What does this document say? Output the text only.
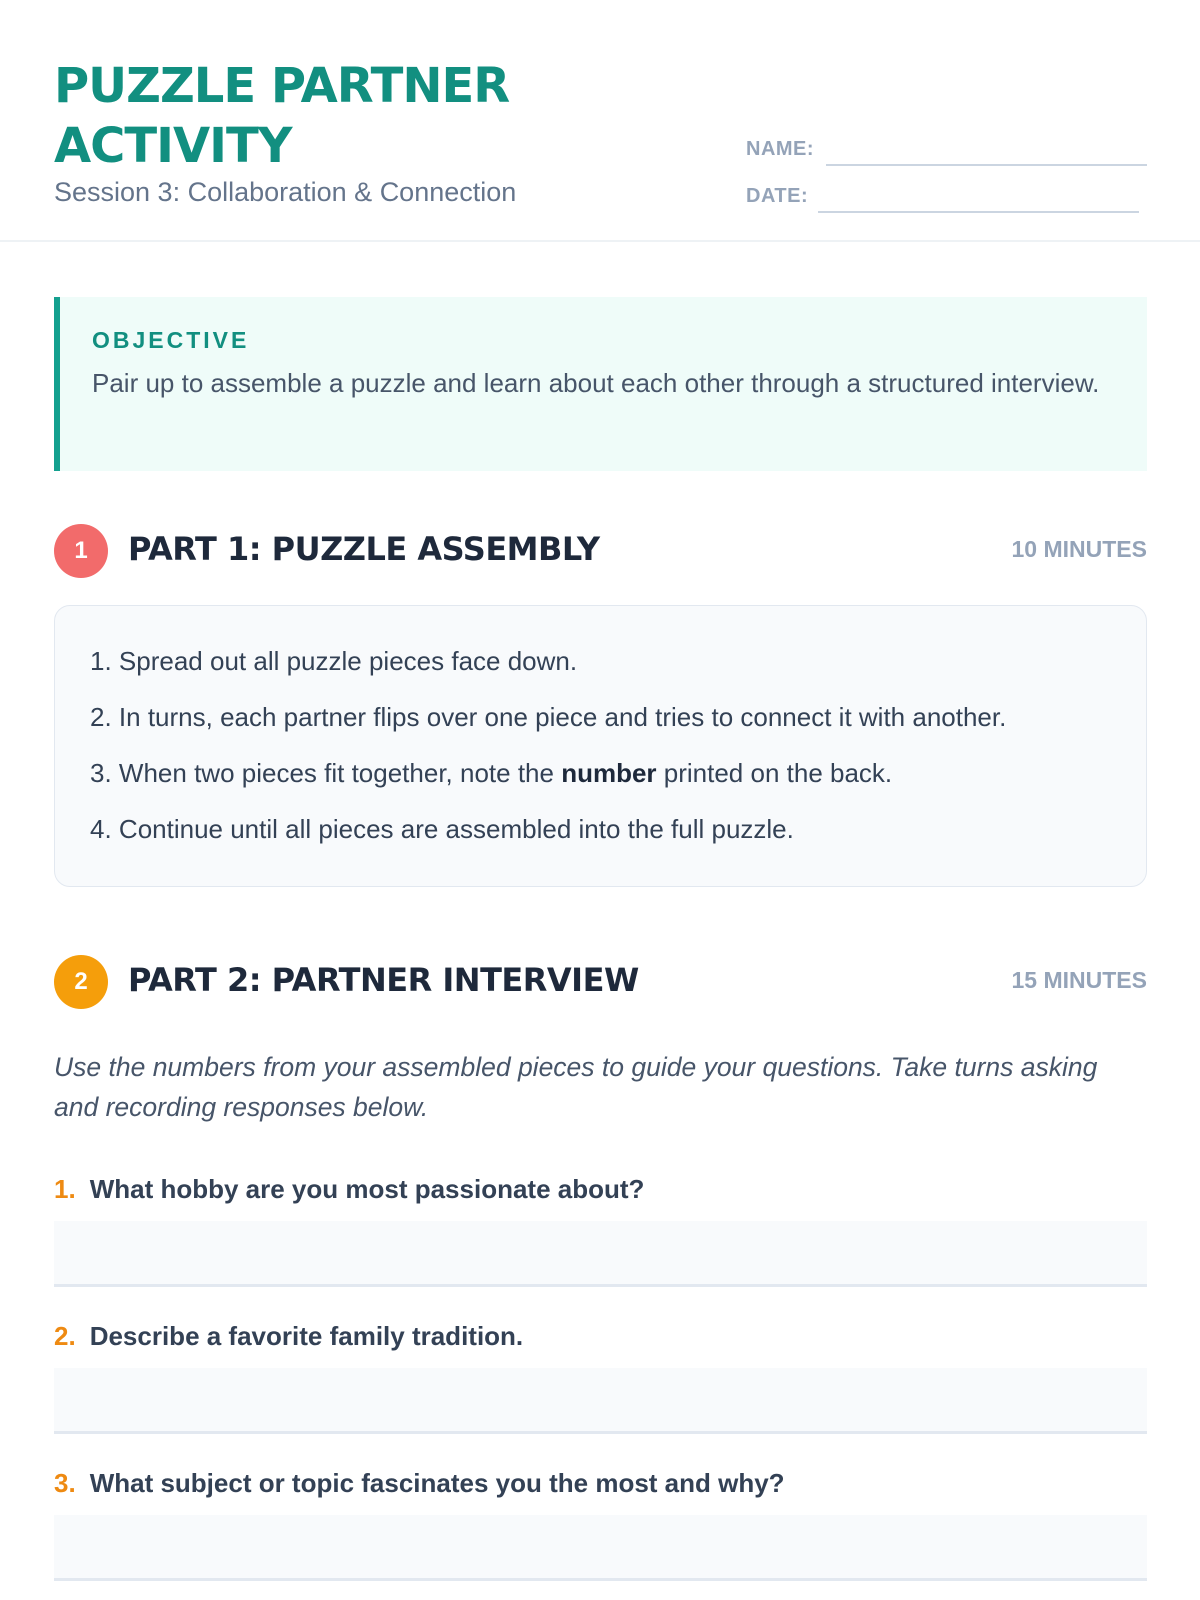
PUZZLE PARTNER ACTIVITY
Session 3: Collaboration & Connection
NAME:
DATE:
OBJECTIVE
Pair up to assemble a puzzle and learn about each other through a structured interview.
1	PART 1: PUZZLE ASSEMBLY	10 MINUTES
1. Spread out all puzzle pieces face down.
2. In turns, each partner flips over one piece and tries to connect it with another.
3. When two pieces fit together, note the number printed on the back.
4. Continue until all pieces are assembled into the full puzzle.
2	PART 2: PARTNER INTERVIEW	15 MINUTES
Use the numbers from your assembled pieces to guide your questions. Take turns asking and recording responses below.
1. What hobby are you most passionate about?
2. Describe a favorite family tradition.
3. What subject or topic fascinates you the most and why?
